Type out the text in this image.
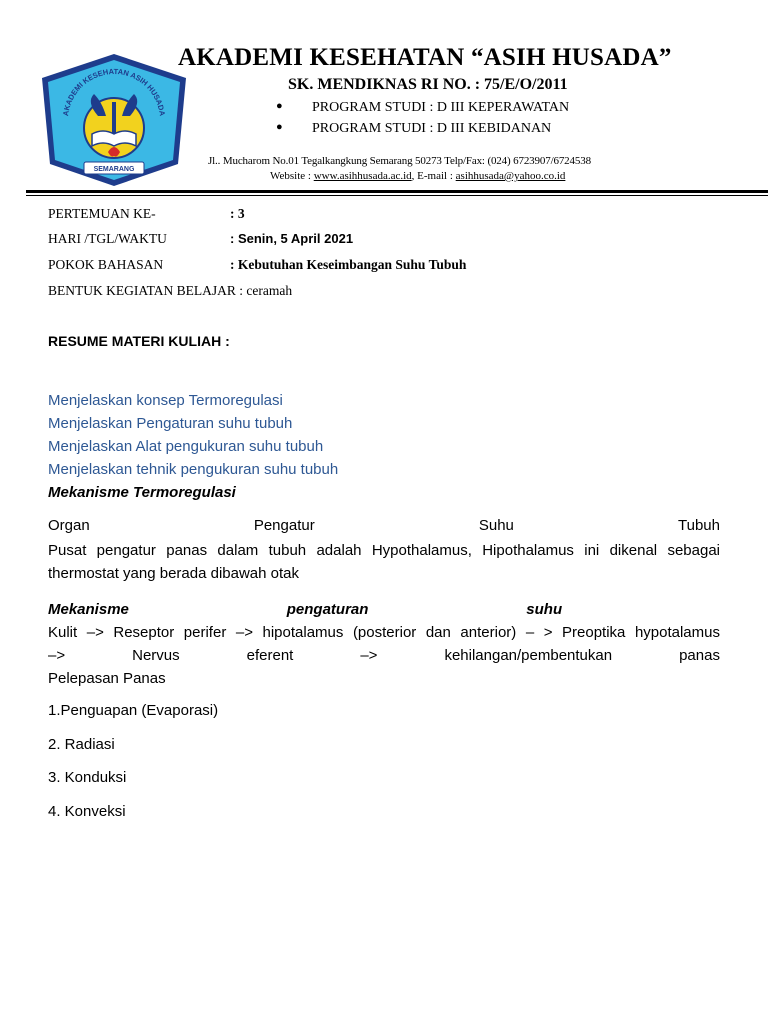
AKADEMI KESEHATAN ASIH HUSADA
SEMARANG
AKADEMI KESEHATAN “ASIH HUSADA”
SK. MENDIKNAS RI NO. : 75/E/O/2011
● PROGRAM STUDI : D III KEPERAWATAN
● PROGRAM STUDI : D III KEBIDANAN
Jl.. Mucharom No.01 Tegalkangkung Semarang 50273 Telp/Fax: (024) 6723907/6724538
Website : www.asihhusada.ac.id, E-mail : asihhusada@yahoo.co.id
PERTEMUAN KE-	: 3
HARI /TGL/WAKTU	: Senin, 5 April 2021
POKOK BAHASAN	: Kebutuhan Keseimbangan Suhu Tubuh
BENTUK KEGIATAN BELAJAR : ceramah
RESUME MATERI KULIAH :
Menjelaskan konsep Termoregulasi
Menjelaskan Pengaturan suhu tubuh
Menjelaskan Alat pengukuran suhu tubuh
Menjelaskan tehnik pengukuran suhu tubuh
Mekanisme Termoregulasi
Organ	Pengatur	Suhu	Tubuh
Pusat pengatur panas dalam tubuh adalah Hypothalamus, Hipothalamus ini dikenal sebagai
thermostat yang berada dibawah otak
Mekanisme	pengaturan	suhu
Kulit –> Reseptor perifer –> hipotalamus (posterior dan anterior) – > Preoptika hypotalamus
–>	Nervus	eferent	–>	kehilangan/pembentukan	panas
Pelepasan Panas
1.Penguapan (Evaporasi)
2. Radiasi
3. Konduksi
4. Konveksi
